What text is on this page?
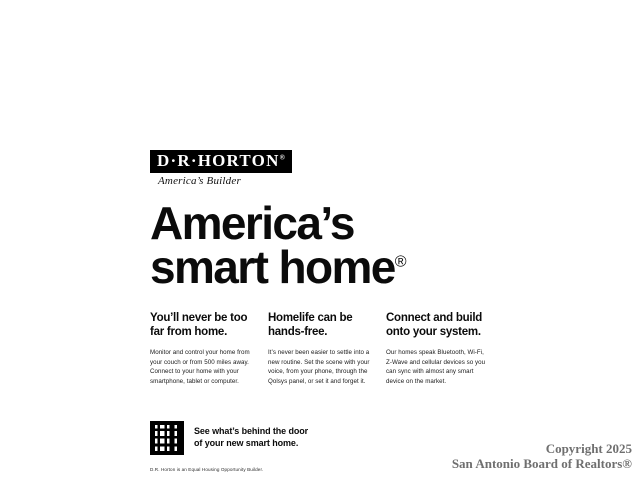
D·R·HORTON®
America’s Builder
America’s
smart home®
You’ll never be too far from home.
Monitor and control your home from your couch or from 500 miles away. Connect to your home with your smartphone, tablet or computer.
Homelife can be hands-free.
It’s never been easier to settle into a new routine. Set the scene with your voice, from your phone, through the Qolsys panel, or set it and forget it.
Connect and build onto your system.
Our homes speak Bluetooth, Wi-Fi, Z-Wave and cellular devices so you can sync with almost any smart device on the market.
See what’s behind the door
of your new smart home.
D.R. Horton is an Equal Housing Opportunity Builder.
Copyright 2025
San Antonio Board of Realtors®
